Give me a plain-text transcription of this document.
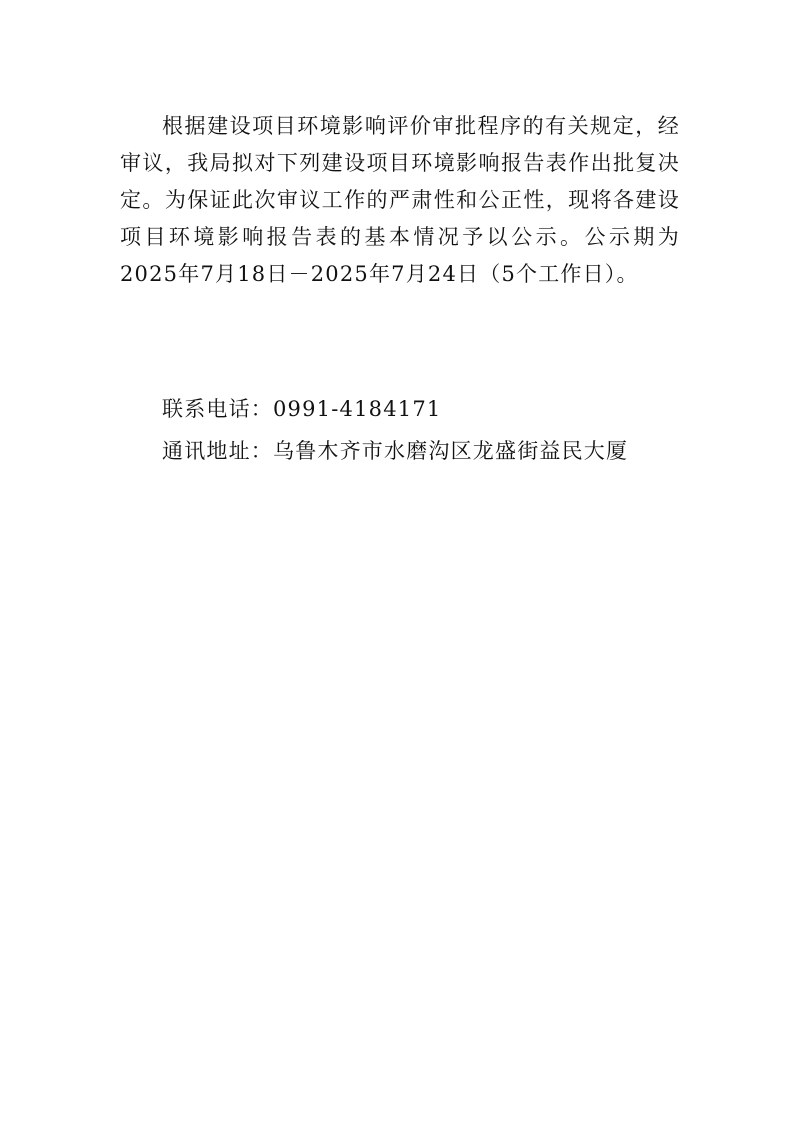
根据建设项目环境影响评价审批程序的有关规定，经审议，我局拟对下列建设项目环境影响报告表作出批复决定。为保证此次审议工作的严肃性和公正性，现将各建设项目环境影响报告表的基本情况予以公示。公示期为2025年7月18日－2025年7月24日（5个工作日）。

联系电话：0991-4184171

通讯地址：乌鲁木齐市水磨沟区龙盛街益民大厦
